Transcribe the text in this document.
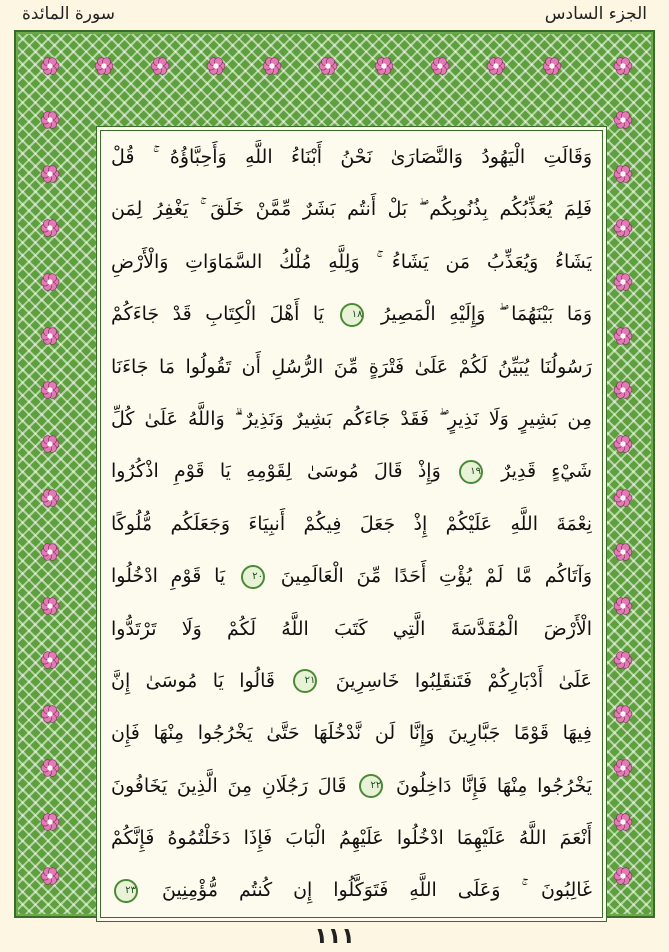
سورة المائدة	الجزء السادس
وَقَالَتِ الْيَهُودُ وَالنَّصَارَىٰ نَحْنُ أَبْنَاءُ اللَّهِ وَأَحِبَّاؤُهُ ۚ قُلْ
فَلِمَ يُعَذِّبُكُم بِذُنُوبِكُم ۖ بَلْ أَنتُم بَشَرٌ مِّمَّنْ خَلَقَ ۚ يَغْفِرُ لِمَن
يَشَاءُ وَيُعَذِّبُ مَن يَشَاءُ ۚ وَلِلَّهِ مُلْكُ السَّمَاوَاتِ وَالْأَرْضِ
وَمَا بَيْنَهُمَا ۖ وَإِلَيْهِ الْمَصِيرُ ١٨ يَا أَهْلَ الْكِتَابِ قَدْ جَاءَكُمْ
رَسُولُنَا يُبَيِّنُ لَكُمْ عَلَىٰ فَتْرَةٍ مِّنَ الرُّسُلِ أَن تَقُولُوا مَا جَاءَنَا
مِن بَشِيرٍ وَلَا نَذِيرٍ ۖ فَقَدْ جَاءَكُم بَشِيرٌ وَنَذِيرٌ ۗ وَاللَّهُ عَلَىٰ كُلِّ
شَيْءٍ قَدِيرٌ ١٩ وَإِذْ قَالَ مُوسَىٰ لِقَوْمِهِ يَا قَوْمِ اذْكُرُوا
نِعْمَةَ اللَّهِ عَلَيْكُمْ إِذْ جَعَلَ فِيكُمْ أَنبِيَاءَ وَجَعَلَكُم مُّلُوكًا
وَآتَاكُم مَّا لَمْ يُؤْتِ أَحَدًا مِّنَ الْعَالَمِينَ ٢٠ يَا قَوْمِ ادْخُلُوا
الْأَرْضَ الْمُقَدَّسَةَ الَّتِي كَتَبَ اللَّهُ لَكُمْ وَلَا تَرْتَدُّوا
عَلَىٰ أَدْبَارِكُمْ فَتَنقَلِبُوا خَاسِرِينَ ٢١ قَالُوا يَا مُوسَىٰ إِنَّ
فِيهَا قَوْمًا جَبَّارِينَ وَإِنَّا لَن نَّدْخُلَهَا حَتَّىٰ يَخْرُجُوا مِنْهَا فَإِن
يَخْرُجُوا مِنْهَا فَإِنَّا دَاخِلُونَ ٢٢ قَالَ رَجُلَانِ مِنَ الَّذِينَ يَخَافُونَ
أَنْعَمَ اللَّهُ عَلَيْهِمَا ادْخُلُوا عَلَيْهِمُ الْبَابَ فَإِذَا دَخَلْتُمُوهُ فَإِنَّكُمْ
غَالِبُونَ ۚ وَعَلَى اللَّهِ فَتَوَكَّلُوا إِن كُنتُم مُّؤْمِنِينَ ٢٣
١١١
